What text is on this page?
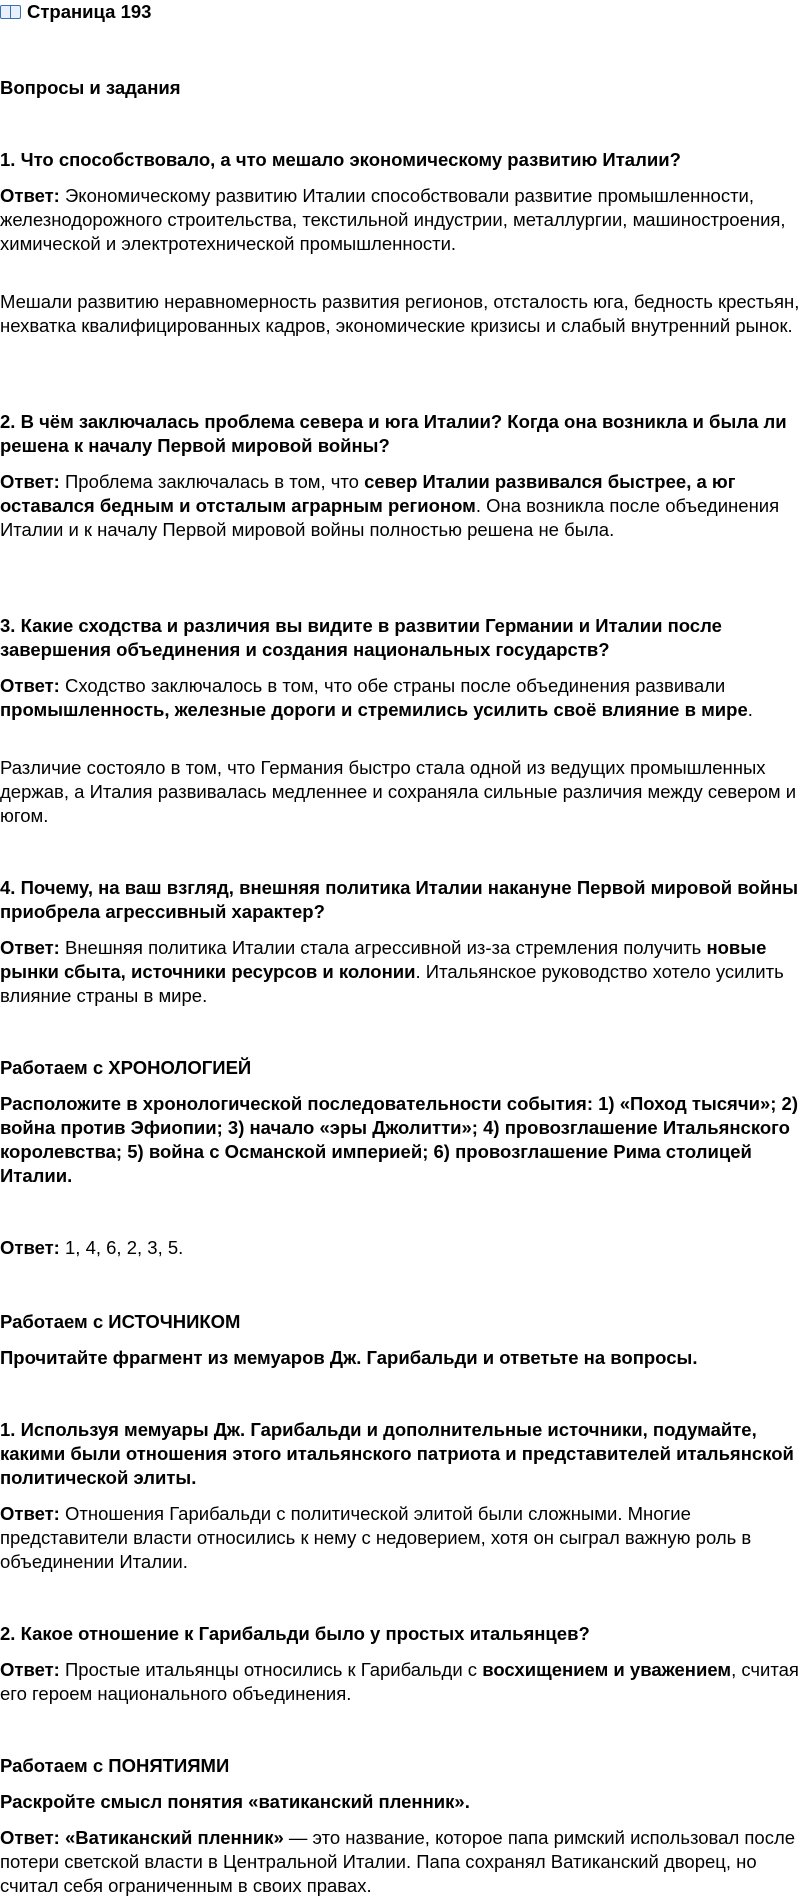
Страница 193
Вопросы и задания
1. Что способствовало, а что мешало экономическому развитию Италии?
Ответ: Экономическому развитию Италии способствовали развитие промышленности, железнодорожного строительства, текстильной индустрии, металлургии, машиностроения, химической и электротехнической промышленности.
Мешали развитию неравномерность развития регионов, отсталость юга, бедность крестьян, нехватка квалифицированных кадров, экономические кризисы и слабый внутренний рынок.
2. В чём заключалась проблема севера и юга Италии? Когда она возникла и была ли решена к началу Первой мировой войны?
Ответ: Проблема заключалась в том, что север Италии развивался быстрее, а юг оставался бедным и отсталым аграрным регионом. Она возникла после объединения Италии и к началу Первой мировой войны полностью решена не была.
3. Какие сходства и различия вы видите в развитии Германии и Италии после завершения объединения и создания национальных государств?
Ответ: Сходство заключалось в том, что обе страны после объединения развивали промышленность, железные дороги и стремились усилить своё влияние в мире.
Различие состояло в том, что Германия быстро стала одной из ведущих промышленных держав, а Италия развивалась медленнее и сохраняла сильные различия между севером и югом.
4. Почему, на ваш взгляд, внешняя политика Италии накануне Первой мировой войны приобрела агрессивный характер?
Ответ: Внешняя политика Италии стала агрессивной из-за стремления получить новые рынки сбыта, источники ресурсов и колонии. Итальянское руководство хотело усилить влияние страны в мире.
Работаем с ХРОНОЛОГИЕЙ
Расположите в хронологической последовательности события: 1) «Поход тысячи»; 2) война против Эфиопии; 3) начало «эры Джолитти»; 4) провозглашение Итальянского королевства; 5) война с Османской империей; 6) провозглашение Рима столицей Италии.
Ответ: 1, 4, 6, 2, 3, 5.
Работаем с ИСТОЧНИКОМ
Прочитайте фрагмент из мемуаров Дж. Гарибальди и ответьте на вопросы.
1. Используя мемуары Дж. Гарибальди и дополнительные источники, подумайте, какими были отношения этого итальянского патриота и представителей итальянской политической элиты.
Ответ: Отношения Гарибальди с политической элитой были сложными. Многие представители власти относились к нему с недоверием, хотя он сыграл важную роль в объединении Италии.
2. Какое отношение к Гарибальди было у простых итальянцев?
Ответ: Простые итальянцы относились к Гарибальди с восхищением и уважением, считая его героем национального объединения.
Работаем с ПОНЯТИЯМИ
Раскройте смысл понятия «ватиканский пленник».
Ответ: «Ватиканский пленник» — это название, которое папа римский использовал после потери светской власти в Центральной Италии. Папа сохранял Ватиканский дворец, но считал себя ограниченным в своих правах.
